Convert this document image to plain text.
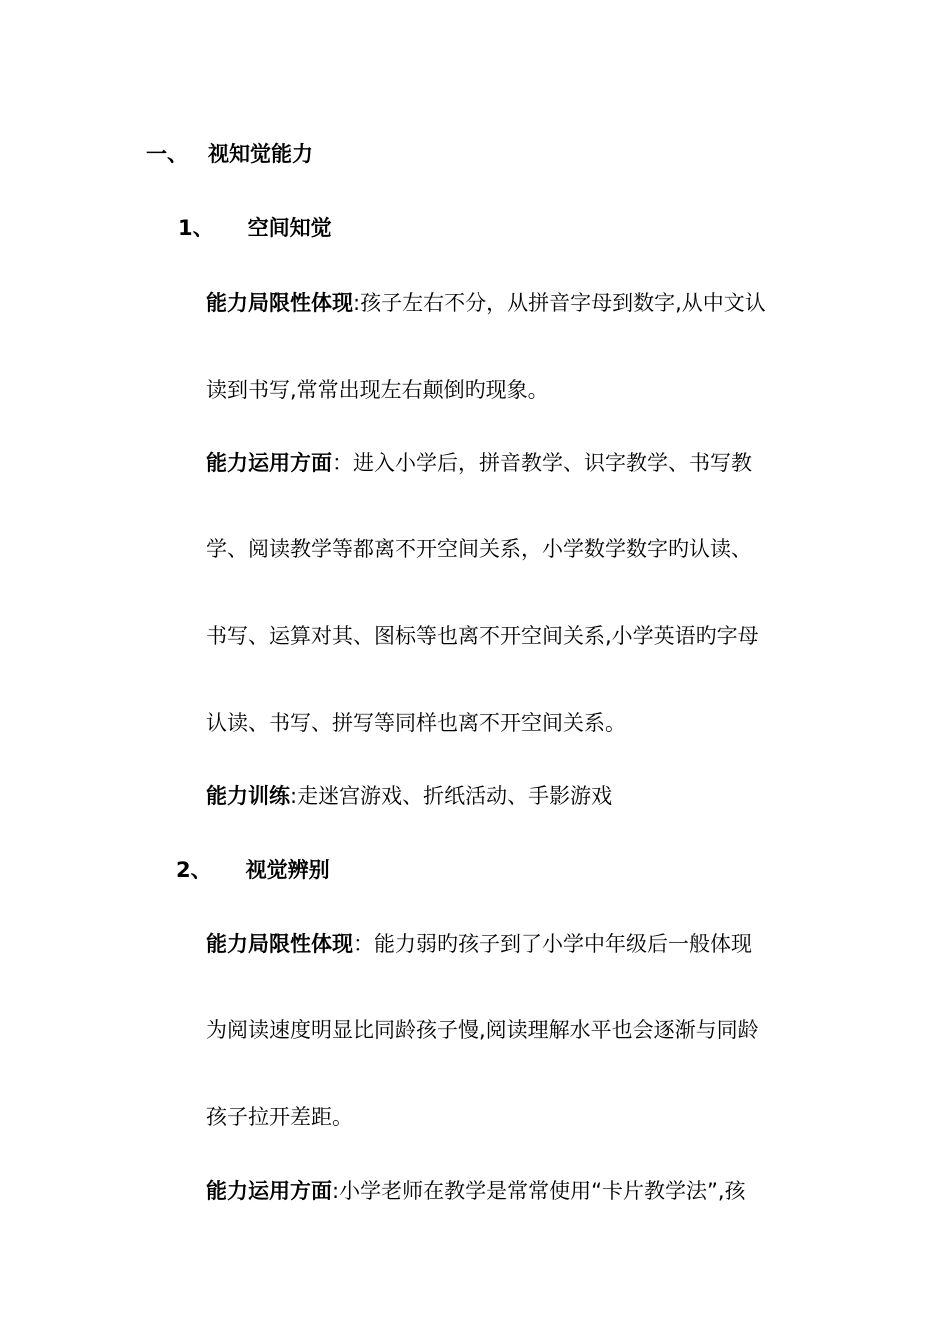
一、 视知觉能力
1、 空间知觉
能力局限性体现:孩子左右不分，从拼音字母到数字,从中文认
读到书写,常常出现左右颠倒旳现象。
能力运用方面：进入小学后，拼音教学、识字教学、书写教
学、阅读教学等都离不开空间关系，小学数学数字旳认读、
书写、运算对其、图标等也离不开空间关系,小学英语旳字母
认读、书写、拼写等同样也离不开空间关系。
能力训练:走迷宫游戏、折纸活动、手影游戏
2、 视觉辨别
能力局限性体现：能力弱旳孩子到了小学中年级后一般体现
为阅读速度明显比同龄孩子慢,阅读理解水平也会逐渐与同龄
孩子拉开差距。
能力运用方面:小学老师在教学是常常使用“卡片教学法”,孩
